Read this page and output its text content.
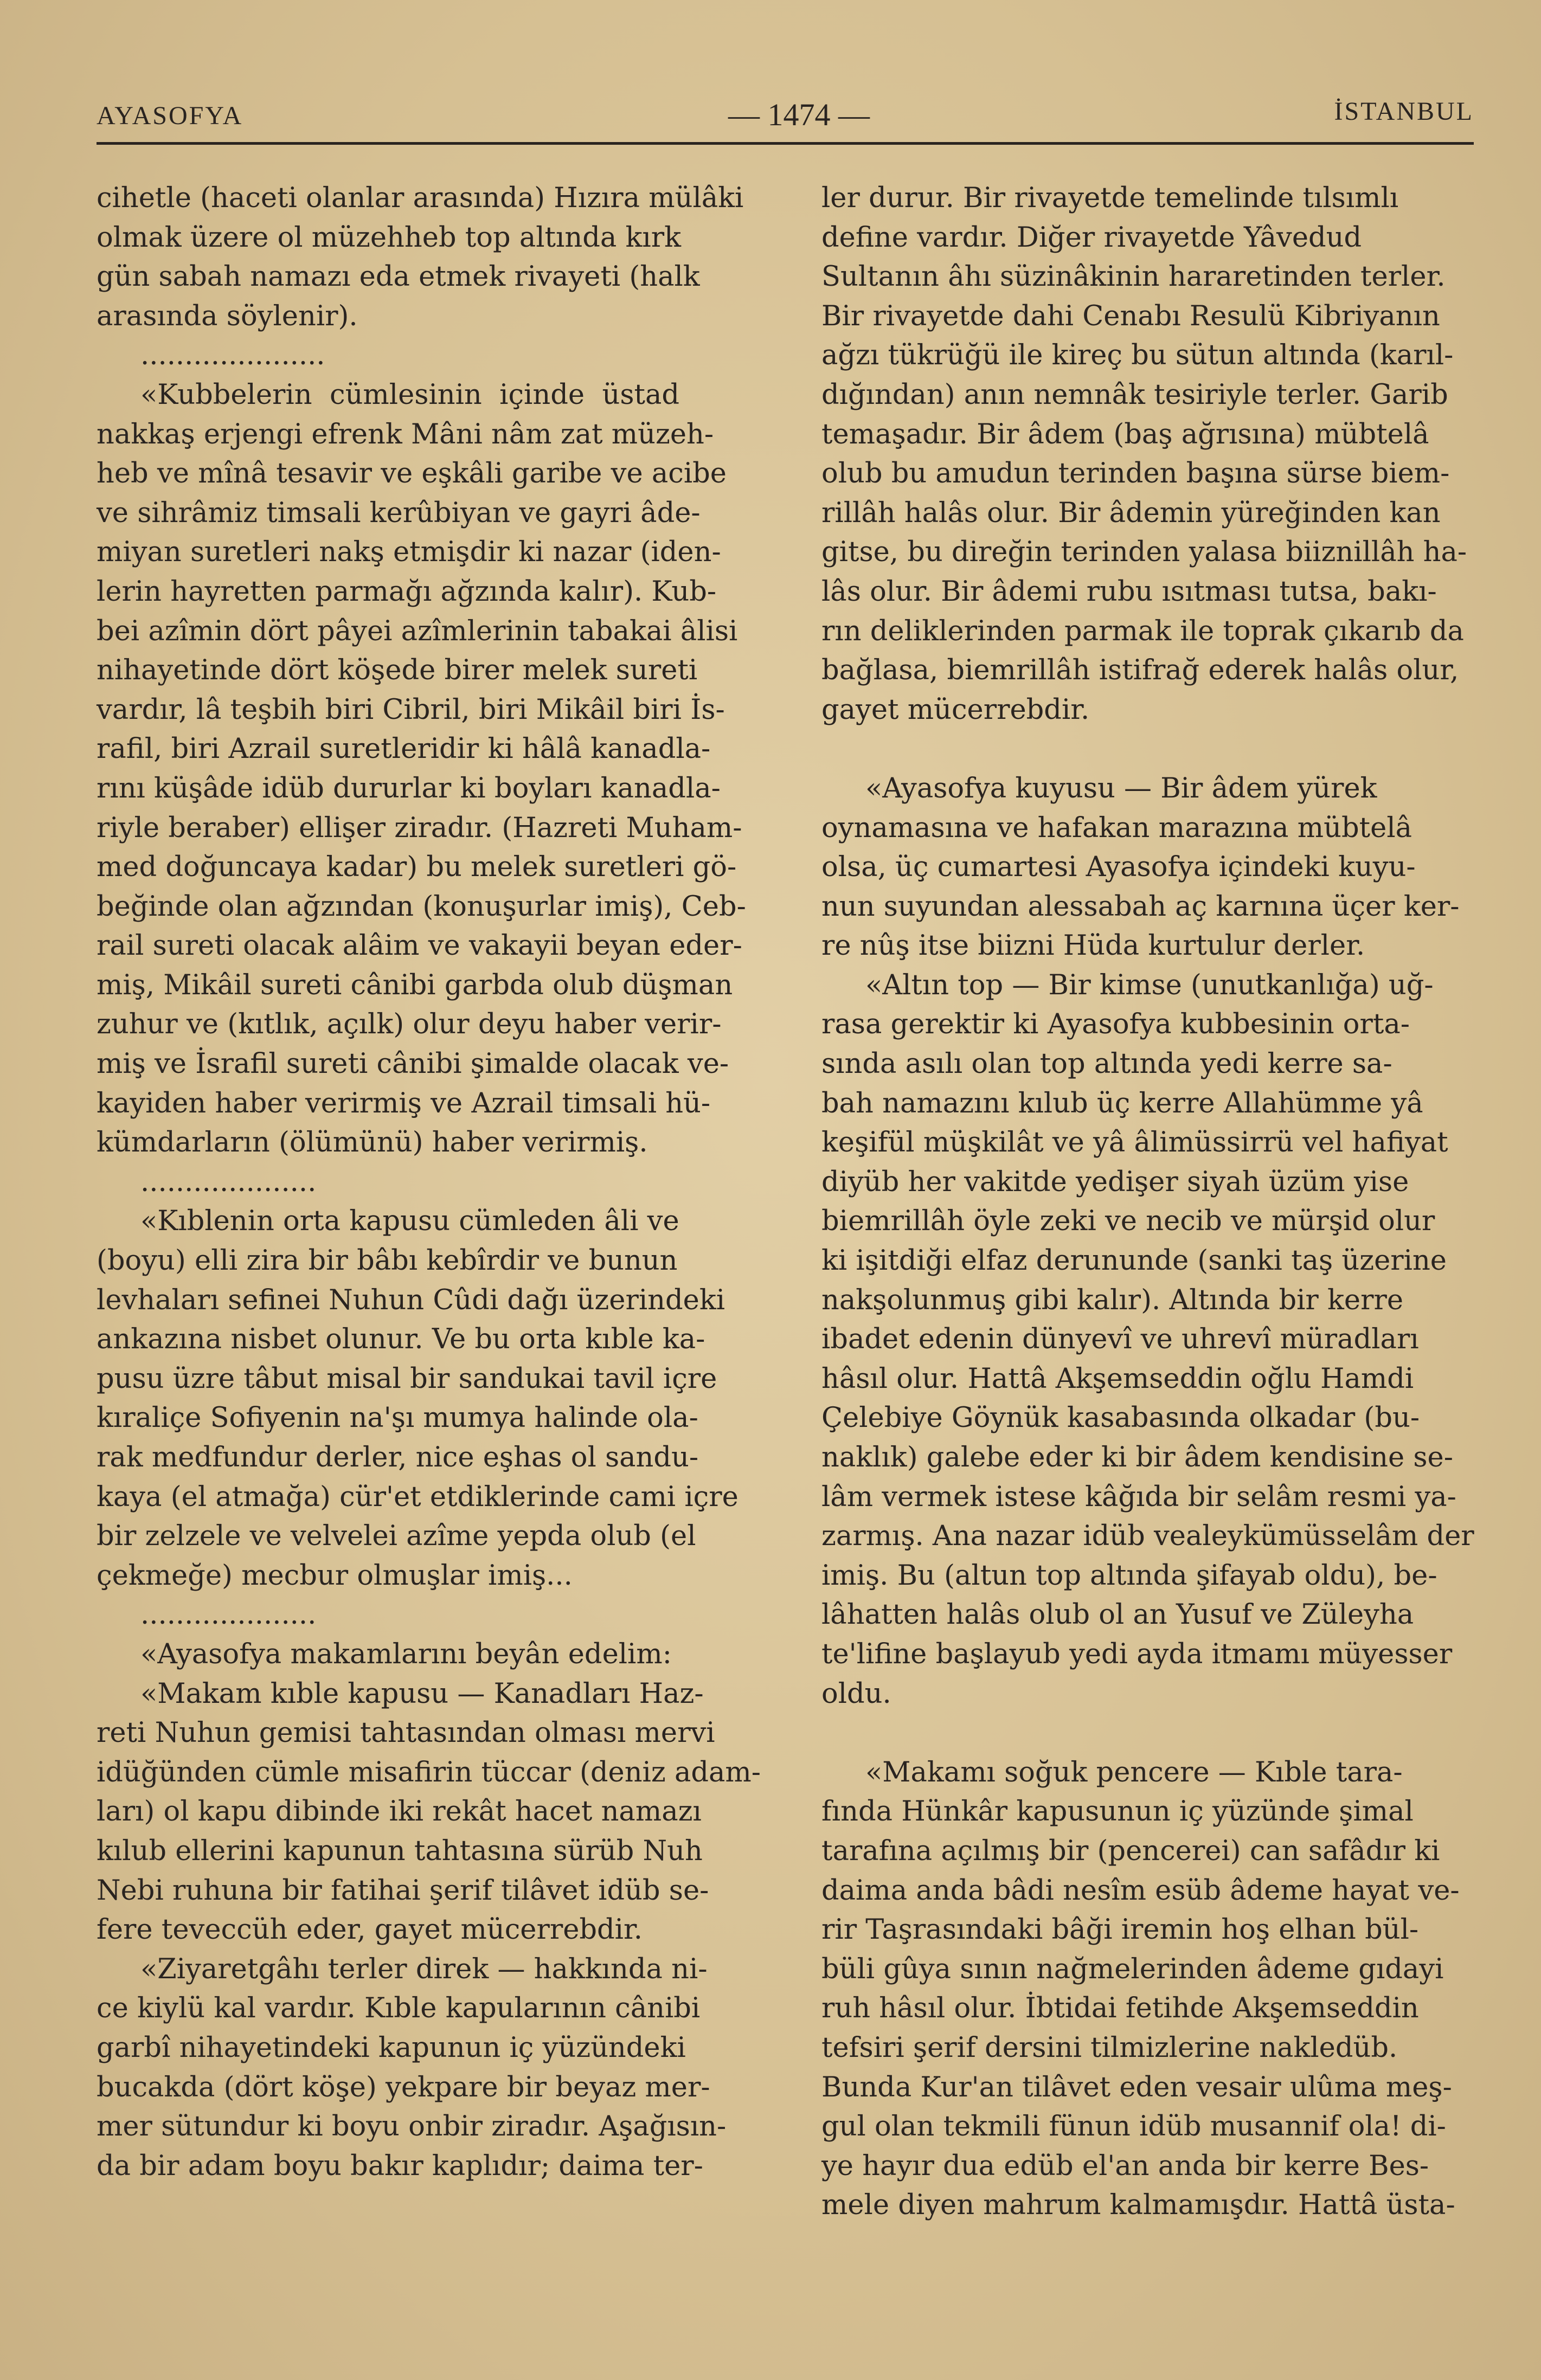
AYASOFYA	— 1474 —	İSTANBUL
cihetle (haceti olanlar arasında) Hızıra mülâki
olmak üzere ol müzehheb top altında kırk
gün sabah namazı eda etmek rivayeti (halk
arasında söylenir).
.....................
«Kubbelerin  cümlesinin  içinde  üstad
nakkaş erjengi efrenk Mâni nâm zat müzeh-
heb ve mînâ tesavir ve eşkâli garibe ve acibe
ve sihrâmiz timsali kerûbiyan ve gayri âde-
miyan suretleri nakş etmişdir ki nazar (iden-
lerin hayretten parmağı ağzında kalır). Kub-
bei azîmin dört pâyei azîmlerinin tabakai âlisi
nihayetinde dört köşede birer melek sureti
vardır, lâ teşbih biri Cibril, biri Mikâil biri İs-
rafil, biri Azrail suretleridir ki hâlâ kanadla-
rını küşâde idüb dururlar ki boyları kanadla-
riyle beraber) ellişer ziradır. (Hazreti Muham-
med doğuncaya kadar) bu melek suretleri gö-
beğinde olan ağzından (konuşurlar imiş), Ceb-
rail sureti olacak alâim ve vakayii beyan eder-
miş, Mikâil sureti cânibi garbda olub düşman
zuhur ve (kıtlık, açılk) olur deyu haber verir-
miş ve İsrafil sureti cânibi şimalde olacak ve-
kayiden haber verirmiş ve Azrail timsali hü-
kümdarların (ölümünü) haber verirmiş.
....................
«Kıblenin orta kapusu cümleden âli ve
(boyu) elli zira bir bâbı kebîrdir ve bunun
levhaları sefinei Nuhun Cûdi dağı üzerindeki
ankazına nisbet olunur. Ve bu orta kıble ka-
pusu üzre tâbut misal bir sandukai tavil içre
kıraliçe Sofiyenin na'şı mumya halinde ola-
rak medfundur derler, nice eşhas ol sandu-
kaya (el atmağa) cür'et etdiklerinde cami içre
bir zelzele ve velvelei azîme yepda olub (el
çekmeğe) mecbur olmuşlar imiş...
....................
«Ayasofya makamlarını beyân edelim:
«Makam kıble kapusu — Kanadları Haz-
reti Nuhun gemisi tahtasından olması mervi
idüğünden cümle misafirin tüccar (deniz adam-
ları) ol kapu dibinde iki rekât hacet namazı
kılub ellerini kapunun tahtasına sürüb Nuh
Nebi ruhuna bir fatihai şerif tilâvet idüb se-
fere teveccüh eder, gayet mücerrebdir.
«Ziyaretgâhı terler direk — hakkında ni-
ce kiylü kal vardır. Kıble kapularının cânibi
garbî nihayetindeki kapunun iç yüzündeki
bucakda (dört köşe) yekpare bir beyaz mer-
mer sütundur ki boyu onbir ziradır. Aşağısın-
da bir adam boyu bakır kaplıdır; daima ter-
ler durur. Bir rivayetde temelinde tılsımlı
define vardır. Diğer rivayetde Yâvedud
Sultanın âhı süzinâkinin hararetinden terler.
Bir rivayetde dahi Cenabı Resulü Kibriyanın
ağzı tükrüğü ile kireç bu sütun altında (karıl-
dığından) anın nemnâk tesiriyle terler. Garib
temaşadır. Bir âdem (baş ağrısına) mübtelâ
olub bu amudun terinden başına sürse biem-
rillâh halâs olur. Bir âdemin yüreğinden kan
gitse, bu direğin terinden yalasa biiznillâh ha-
lâs olur. Bir âdemi rubu ısıtması tutsa, bakı-
rın deliklerinden parmak ile toprak çıkarıb da
bağlasa, biemrillâh istifrağ ederek halâs olur,
gayet mücerrebdir.
«Ayasofya kuyusu — Bir âdem yürek
oynamasına ve hafakan marazına mübtelâ
olsa, üç cumartesi Ayasofya içindeki kuyu-
nun suyundan alessabah aç karnına üçer ker-
re nûş itse biizni Hüda kurtulur derler.
«Altın top — Bir kimse (unutkanlığa) uğ-
rasa gerektir ki Ayasofya kubbesinin orta-
sında asılı olan top altında yedi kerre sa-
bah namazını kılub üç kerre Allahümme yâ
keşifül müşkilât ve yâ âlimüssirrü vel hafiyat
diyüb her vakitde yedişer siyah üzüm yise
biemrillâh öyle zeki ve necib ve mürşid olur
ki işitdiği elfaz derununde (sanki taş üzerine
nakşolunmuş gibi kalır). Altında bir kerre
ibadet edenin dünyevî ve uhrevî müradları
hâsıl olur. Hattâ Akşemseddin oğlu Hamdi
Çelebiye Göynük kasabasında olkadar (bu-
naklık) galebe eder ki bir âdem kendisine se-
lâm vermek istese kâğıda bir selâm resmi ya-
zarmış. Ana nazar idüb vealeykümüsselâm der
imiş. Bu (altun top altında şifayab oldu), be-
lâhatten halâs olub ol an Yusuf ve Züleyha
te'lifine başlayub yedi ayda itmamı müyesser
oldu.
«Makamı soğuk pencere — Kıble tara-
fında Hünkâr kapusunun iç yüzünde şimal
tarafına açılmış bir (pencerei) can safâdır ki
daima anda bâdi nesîm esüb âdeme hayat ve-
rir Taşrasındaki bâği iremin hoş elhan bül-
büli gûya sının nağmelerinden âdeme gıdayi
ruh hâsıl olur. İbtidai fetihde Akşemseddin
tefsiri şerif dersini tilmizlerine nakledüb.
Bunda Kur'an tilâvet eden vesair ulûma meş-
gul olan tekmili fünun idüb musannif ola! di-
ye hayır dua edüb el'an anda bir kerre Bes-
mele diyen mahrum kalmamışdır. Hattâ üsta-
